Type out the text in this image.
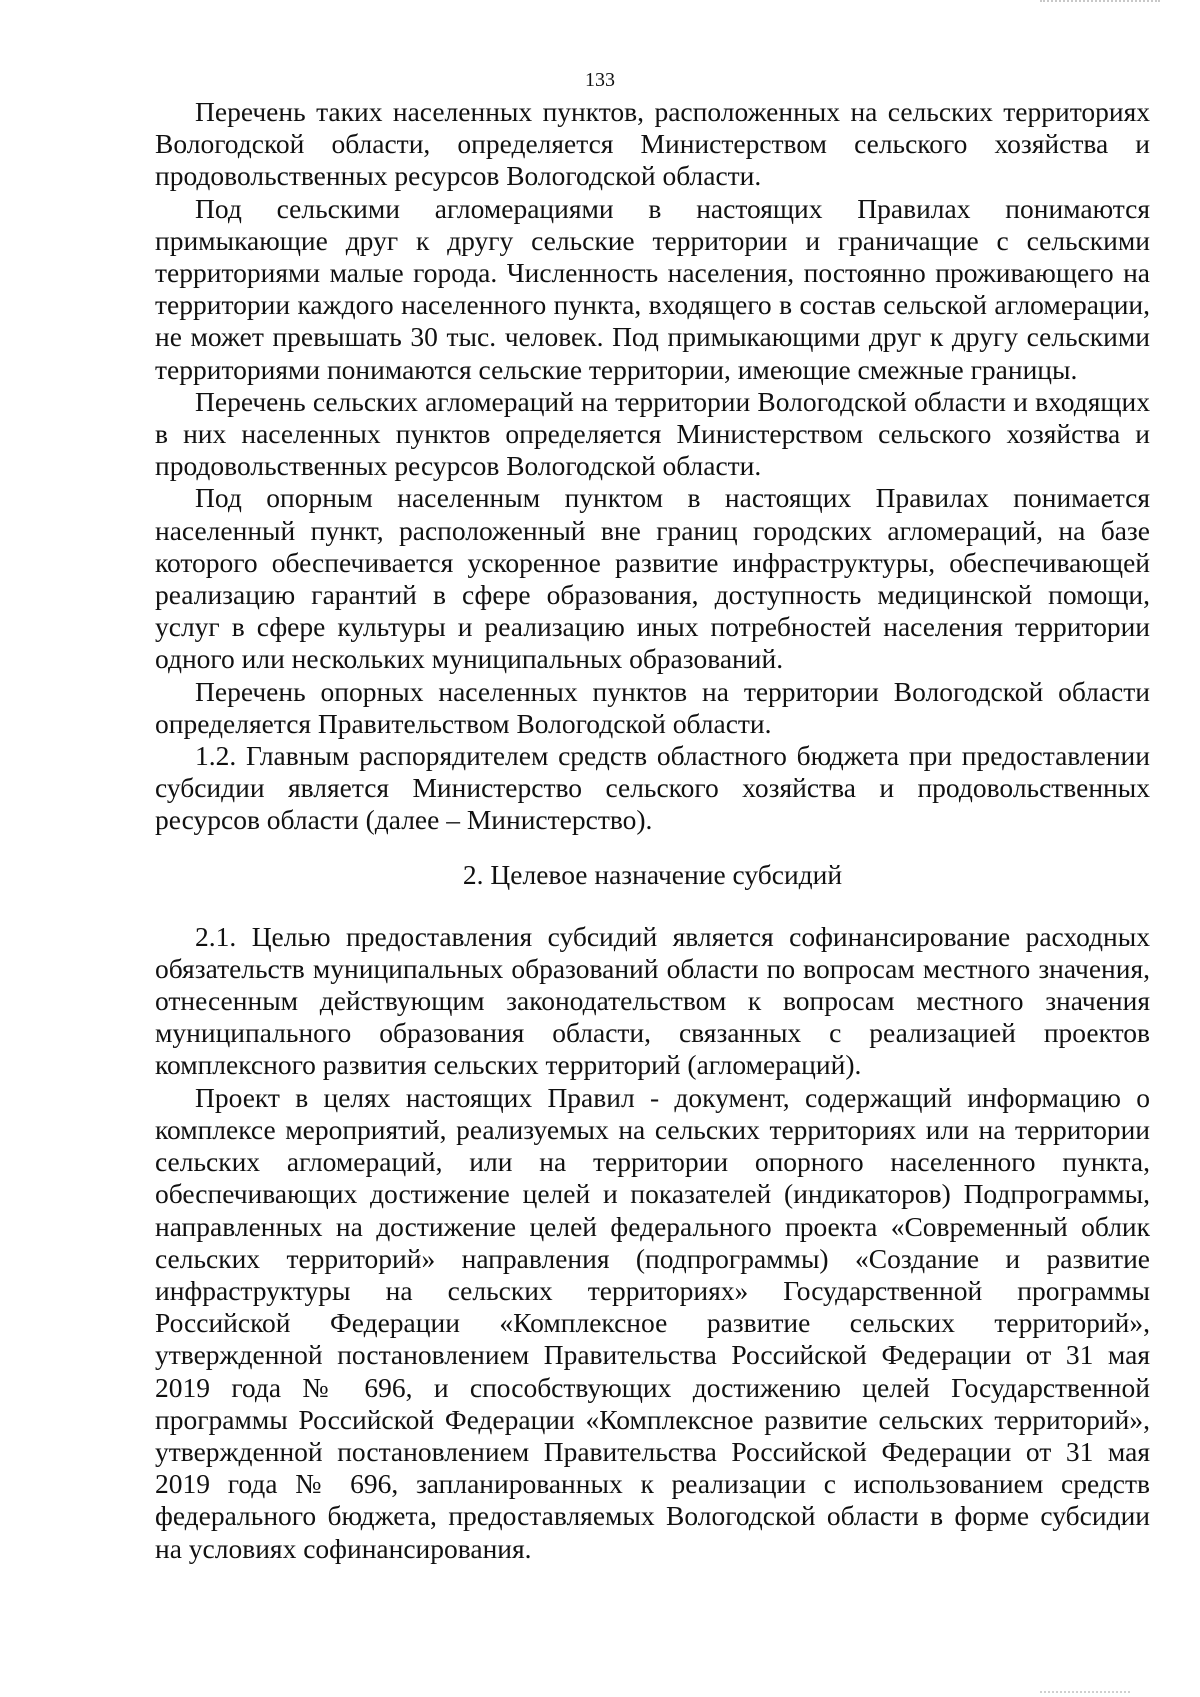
133

Перечень таких населенных пунктов, расположенных на сельских территориях Вологодской области, определяется Министерством сельского хозяйства и продовольственных ресурсов Вологодской области.

Под сельскими агломерациями в настоящих Правилах понимаются примыкающие друг к другу сельские территории и граничащие с сельскими территориями малые города. Численность населения, постоянно проживающего на территории каждого населенного пункта, входящего в состав сельской агломерации, не может превышать 30 тыс. человек. Под примыкающими друг к другу сельскими территориями понимаются сельские территории, имеющие смежные границы.

Перечень сельских агломераций на территории Вологодской области и входящих в них населенных пунктов определяется Министерством сельского хозяйства и продовольственных ресурсов Вологодской области.

Под опорным населенным пунктом в настоящих Правилах понимается населенный пункт, расположенный вне границ городских агломераций, на базе которого обеспечивается ускоренное развитие инфраструктуры, обеспечивающей реализацию гарантий в сфере образования, доступность медицинской помощи, услуг в сфере культуры и реализацию иных потребностей населения территории одного или нескольких муниципальных образований.

Перечень опорных населенных пунктов на территории Вологодской области определяется Правительством Вологодской области.

1.2. Главным распорядителем средств областного бюджета при предоставлении субсидии является Министерство сельского хозяйства и продовольственных ресурсов области (далее – Министерство).

2. Целевое назначение субсидий

2.1. Целью предоставления субсидий является софинансирование расходных обязательств муниципальных образований области по вопросам местного значения, отнесенным действующим законодательством к вопросам местного значения муниципального образования области, связанных с реализацией проектов комплексного развития сельских территорий (агломераций).

Проект в целях настоящих Правил - документ, содержащий информацию о комплексе мероприятий, реализуемых на сельских территориях или на территории сельских агломераций, или на территории опорного населенного пункта, обеспечивающих достижение целей и показателей (индикаторов) Подпрограммы, направленных на достижение целей федерального проекта «Современный облик сельских территорий» направления (подпрограммы) «Создание и развитие инфраструктуры на сельских территориях» Государственной программы Российской Федерации «Комплексное развитие сельских территорий», утвержденной постановлением Правительства Российской Федерации от 31 мая 2019 года № 696, и способствующих достижению целей Государственной программы Российской Федерации «Комплексное развитие сельских территорий», утвержденной постановлением Правительства Российской Федерации от 31 мая 2019 года № 696, запланированных к реализации с использованием средств федерального бюджета, предоставляемых Вологодской области в форме субсидии на условиях софинансирования.
